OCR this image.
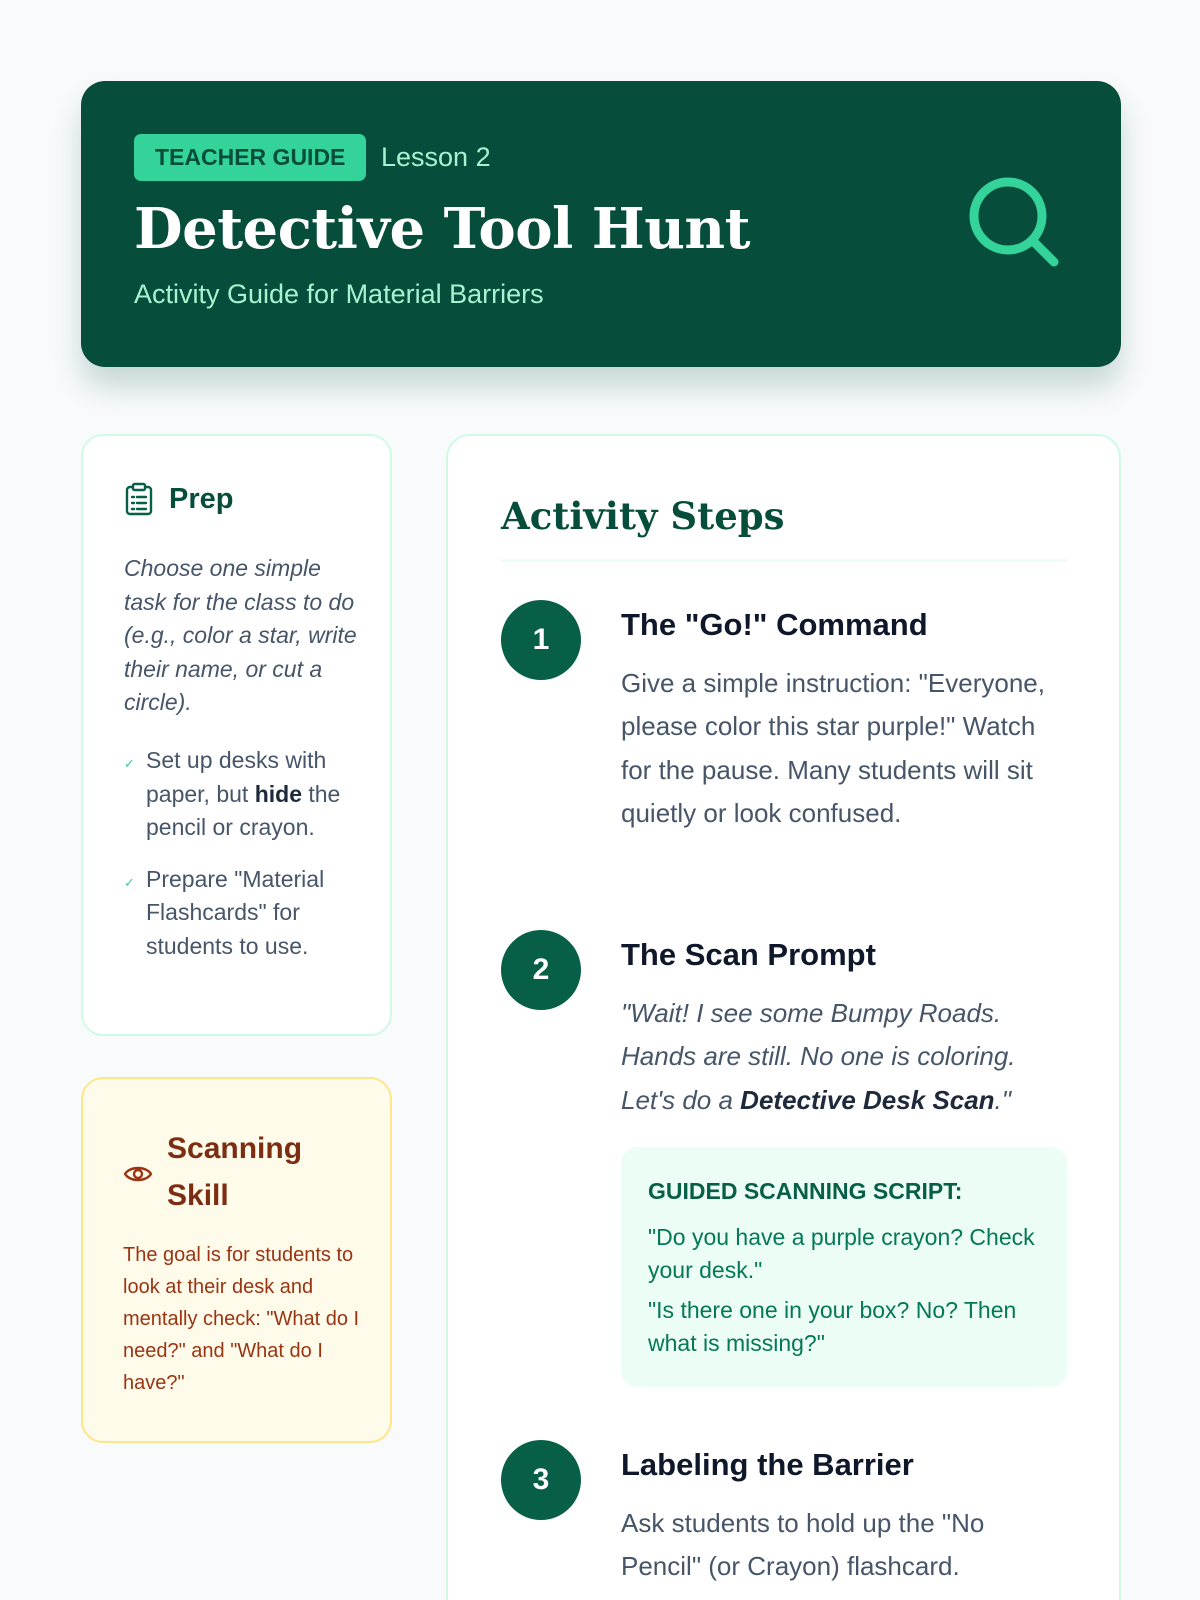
TEACHER GUIDE	Lesson 2
Detective Tool Hunt

Activity Guide for Material Barriers

Prep

Choose one simple task for the class to do (e.g., color a star, write their name, or cut a circle).

✓ Set up desks with paper, but hide the pencil or crayon.
✓ Prepare "Material Flashcards" for students to use.
Scanning Skill

The goal is for students to look at their desk and mentally check: "What do I need?" and "What do I have?"

Activity Steps
1	The "Go!" Command

Give a simple instruction: "Everyone, please color this star purple!" Watch for the pause. Many students will sit quietly or look confused.

2	The Scan Prompt

"Wait! I see some Bumpy Roads. Hands are still. No one is coloring. Let's do a Detective Desk Scan."

GUIDED SCANNING SCRIPT:

"Do you have a purple crayon? Check your desk."

"Is there one in your box? No? Then what is missing?"

3	Labeling the Barrier

Ask students to hold up the "No Pencil" (or Crayon) flashcard.
